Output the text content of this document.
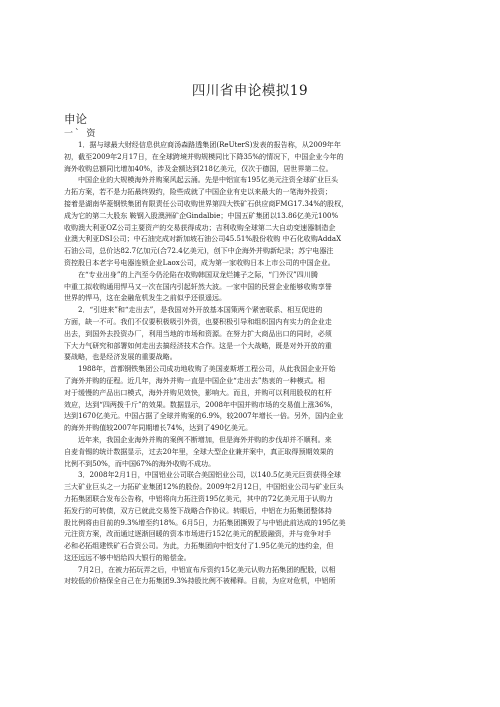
四川省申论模拟19
申论
一` 资
1．据与球最大财经信息供应商汤森路透集团(ReUterS)发表的报告称，从2009年年
初，截至2009年2月17日，在全球跨境并购规模同比下降35%的情况下，中国企业今年的
海外收购总额同比增加40%，涉及金额达到218亿美元，仅次于德国，居世界第二位。
中国企业的大规模海外并购案风起云涌。先是中铝宣布195亿美元注资全球矿业巨头
力拓方案，若不是力拓最终毁约，险些成就了中国企业有史以来最大的一笔海外投资；
接着是湖南华菱钢铁集团有限责任公司收购世界第四大铁矿石供应商FMG17.34%的股权，
成为它的第二大股东 鞍钢入股澳洲矿企Gindalbie；中国五矿集团以13.86亿美元100%
收购澳大利亚OZ公司主要资产的交易获得成功；吉利收购全球第二大自动变速器制造企
业澳大利亚DSI公司；中石油完成对新加坡石油公司45.51%股份收购 中石化收购AddaX
石油公司，总价达82.7亿加元(合72.4亿美元)，创下中企海外并购新纪录；苏宁电器注
资控股日本老字号电器连锁企业Laox公司，成为第一家收购日本上市公司的中国企业。
在“专业出身”的上汽至今仍沦陷在收购韩国双龙烂摊子之际，“门外汉”四川腾
中重工拟收购通用悍马又一次在国内引起轩然大波。一家中国的民营企业能够收购享誉
世界的悍马，这在金融危机发生之前似乎还很遥远。
2．“引进来”和“走出去”，是我国对外开放基本国策两个紧密联系、相互促进的
方面，缺一不可。我们不仅要积极吸引外资，也要积极引导和组织国内有实力的企业走
出去，到国外去投资办厂，利用当地的市场和资源。在努力扩大商品出口的同时，必须
下大力气研究和部署如何走出去搞经济技术合作。这是一个大战略，既是对外开放的重
要战略，也是经济发展的重要战略。
1988年，首都钢铁集团公司成功地收购了美国麦斯塔工程公司，从此我国企业开始
了海外并购的征程。近几年，海外并购一直是中国企业“走出去”热衷的一种模式。相
对于缓慢的产品出口模式，海外并购见效快，影响大。而且，并购可以利用股权的杠杆
效应，达到“四两拨千斤”的效果。数据显示，2008年中国并购市场的交易值上涨36%，
达到1670亿美元。中国占据了全球并购案的6.9%，较2007年增长一倍。另外，国内企业
的海外并购值较2007年同期增长74%，达到了490亿美元。
近年来，我国企业海外并购的案例不断增加，但是海外并购的步伐却并不顺利。来
自麦肯锡的统计数据显示，过去20年里，全球大型企业兼并案中，真正取得预期效果的
比例不到50%，而中国67%的海外收购不成功。
3．2008年2月1日，中国铝业公司联合美国铝业公司，以140.5亿美元巨资获得全球
三大矿业巨头之一力拓矿业集团12%的股份。2009年2月12日，中国铝业公司与矿业巨头
力拓集团联合发布公告称，中铝将向力拓注资195亿美元，其中的72亿美元用于认购力
拓发行的可转债，双方已就此交易签下战略合作协议。转眼后，中铝在力拓集团整体持
股比例将由目前的9.3%增至约18%。6月5日，力拓集团撕毁了与中铝此前达成的195亿美
元注资方案，改而通过逐渐回暖的资本市场进行152亿美元的配股融资，并与竞争对手
必和必拓组建铁矿石合资公司。为此，力拓集团向中铝支付了1.95亿美元的违约金，但
这还远远不够中铝给四大银行的赔偿金。
7月2日，在被力拓玩弄之后，中铝宣布斥资约15亿美元认购力拓集团的配股，以相
对较低的价格保全自己在力拓集团9.3%持股比例不被稀释。目前，为应对危机，中铝所
